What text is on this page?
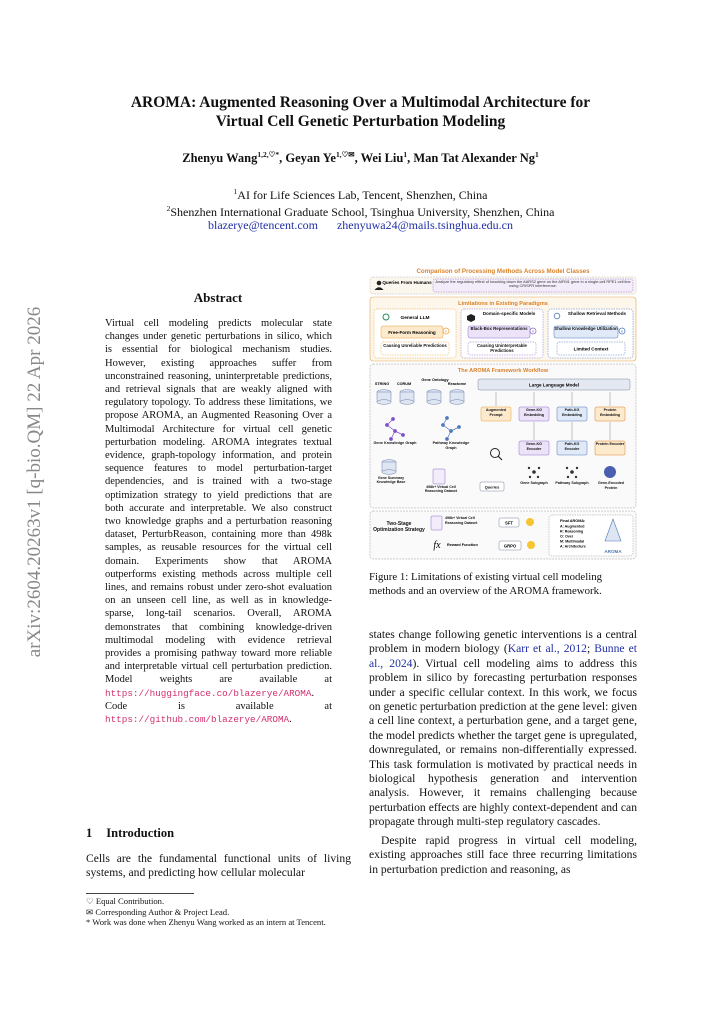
AROMA: Augmented Reasoning Over a Multimodal Architecture for
Virtual Cell Genetic Perturbation Modeling
Zhenyu Wang$^{1,2,♡*}$, Geyan $Ye^{1,♡✉}$, Wei Liu$^1$, Man Tat Alexander Ng$^1$
$^1$AI for Life Sciences Lab, Tencent, Shenzhen, China
$^2$Shenzhen International Graduate School, Tsinghua University, Shenzhen, China
blazerye@tencent.com zhenyuwa24@mails.tsinghua.edu.cn
arXiv:2604.20263v1 [q-bio.QM] 22 Apr 2026
Abstract
Virtual cell modeling predicts molecular state changes under genetic perturbations in silico, which is essential for biological mechanism studies. However, existing approaches suffer from unconstrained reasoning, uninterpretable predictions, and retrieval signals that are weakly aligned with regulatory topology. To address these limitations, we propose AROMA, an Augmented Reasoning Over a Multimodal Architecture for virtual cell genetic perturbation modeling. AROMA integrates textual evidence, graph-topology information, and protein sequence features to model perturbation-target dependencies, and is trained with a two-stage optimization strategy to yield predictions that are both accurate and interpretable. We also construct two knowledge graphs and a perturbation reasoning dataset, PerturbReason, containing more than 498k samples, as reusable resources for the virtual cell domain. Experiments show that AROMA outperforms existing methods across multiple cell lines, and remains robust under zero-shot evaluation on an unseen cell line, as well as in knowledge-sparse, long-tail scenarios. Overall, AROMA demonstrates that combining knowledge-driven multimodal modeling with evidence retrieval provides a promising pathway toward more reliable and interpretable virtual cell perturbation prediction. Model weights are available at https://huggingface.co/blazerye/AROMA. Code is available at https://github.com/blazerye/AROMA.
1 Introduction
Cells are the fundamental functional units of living systems, and predicting how cellular molecular
♡ Equal Contribution.
✉ Corresponding Author & Project Lead.
* Work was done when Zhenyu Wang worked as an intern at Tencent.
Comparison of Processing Methods Across Model Classes
Queries From Humans Analyze the regulatory effect of knocking down the AARS2 gene on the AIFM1 gene in a single-cell RPE1 cell line using CRISPR interference.
Limitations in Existing Paradigms
General LLM
Free-Form Reasoning ×
Causing Unreliable Predictions
Domain-specific Models
Black-Box Representations
×
Causing Uninterpretable Predictions
Shallow Retrieval Methods
Shallow Knowledge Utilization
×
Limited Context
The AROMA Framework Workflow
STRING CORUM
Gene Ontology
Reactome
Gene Knowledge Graph	Pathway Knowledge Graph
Gene Summary Knowledge Base
498k+ Virtual Cell Reasoning Dataset
Large Language Model
Augmented Prompt
Gene-KG Embedding
Path-KG Embedding
Protein Embedding
Gene-KG Encoder
Path-KG Encoder
Protein Encoder
Queries
Gene Subgraph	Pathway Subgraph	Gene-Encoded Protein
Two-Stage Optimization Strategy
498k+ Virtual Cell Reasoning Dataset	SFT
fx Reward Function	GRPO
Final AROMA:
A: Augmented
R: Reasoning
O: Over
M: Multimodal
A: Architecture
AROMA
Figure 1: Limitations of existing virtual cell modeling methods and an overview of the AROMA framework.

states change following genetic interventions is a central problem in modern biology (Karr et al., 2012; Bunne et al., 2024). Virtual cell modeling aims to address this problem in silico by forecasting perturbation responses under a specific cellular context. In this work, we focus on genetic perturbation prediction at the gene level: given a cell line context, a perturbation gene, and a target gene, the model predicts whether the target gene is upregulated, downregulated, or remains non-differentially expressed. This task formulation is motivated by practical needs in biological hypothesis generation and intervention analysis. However, it remains challenging because perturbation effects are highly context-dependent and can propagate through multi-step regulatory cascades.

Despite rapid progress in virtual cell modeling, existing approaches still face three recurring limitations in perturbation prediction and reasoning, as
